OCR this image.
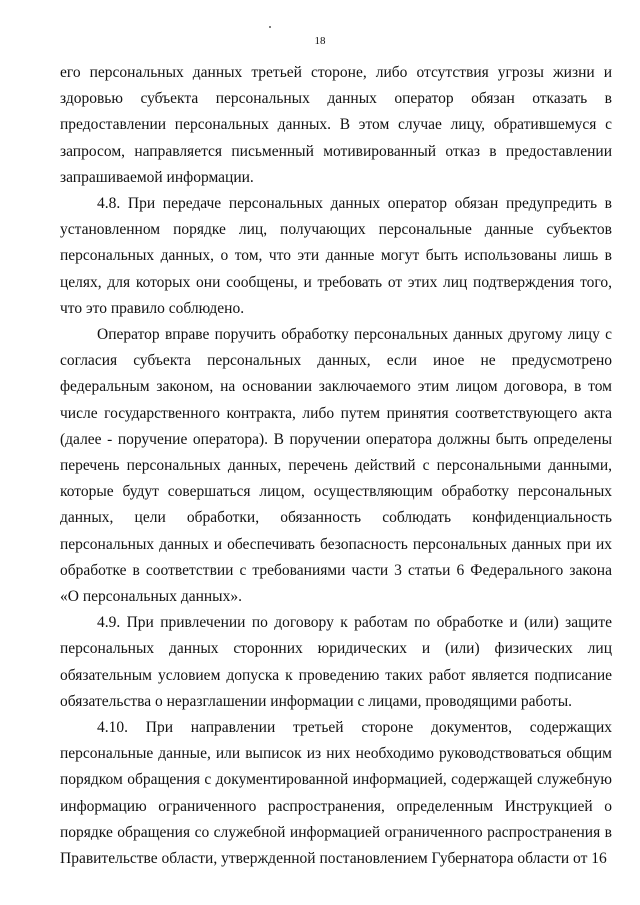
18

его персональных данных третьей стороне, либо отсутствия угрозы жизни и здоровью субъекта персональных данных оператор обязан отказать в предоставлении персональных данных. В этом случае лицу, обратившемуся с запросом, направляется письменный мотивированный отказ в предоставлении запрашиваемой информации.

4.8. При передаче персональных данных оператор обязан предупредить в установленном порядке лиц, получающих персональные данные субъектов персональных данных, о том, что эти данные могут быть использованы лишь в целях, для которых они сообщены, и требовать от этих лиц подтверждения того, что это правило соблюдено.

Оператор вправе поручить обработку персональных данных другому лицу с согласия субъекта персональных данных, если иное не предусмотрено федеральным законом, на основании заключаемого этим лицом договора, в том числе государственного контракта, либо путем принятия соответствующего акта (далее - поручение оператора). В поручении оператора должны быть определены перечень персональных данных, перечень действий с персональными данными, которые будут совершаться лицом, осуществляющим обработку персональных данных, цели обработки, обязанность соблюдать конфиденциальность персональных данных и обеспечивать безопасность персональных данных при их обработке в соответствии с требованиями части 3 статьи 6 Федерального закона «О персональных данных».

4.9. При привлечении по договору к работам по обработке и (или) защите персональных данных сторонних юридических и (или) физических лиц обязательным условием допуска к проведению таких работ является подписание обязательства о неразглашении информации с лицами, проводящими работы.

4.10. При направлении третьей стороне документов, содержащих персональные данные, или выписок из них необходимо руководствоваться общим порядком обращения с документированной информацией, содержащей служебную информацию ограниченного распространения, определенным Инструкцией о порядке обращения со служебной информацией ограниченного распространения в Правительстве области, утвержденной постановлением Губернатора области от 16
